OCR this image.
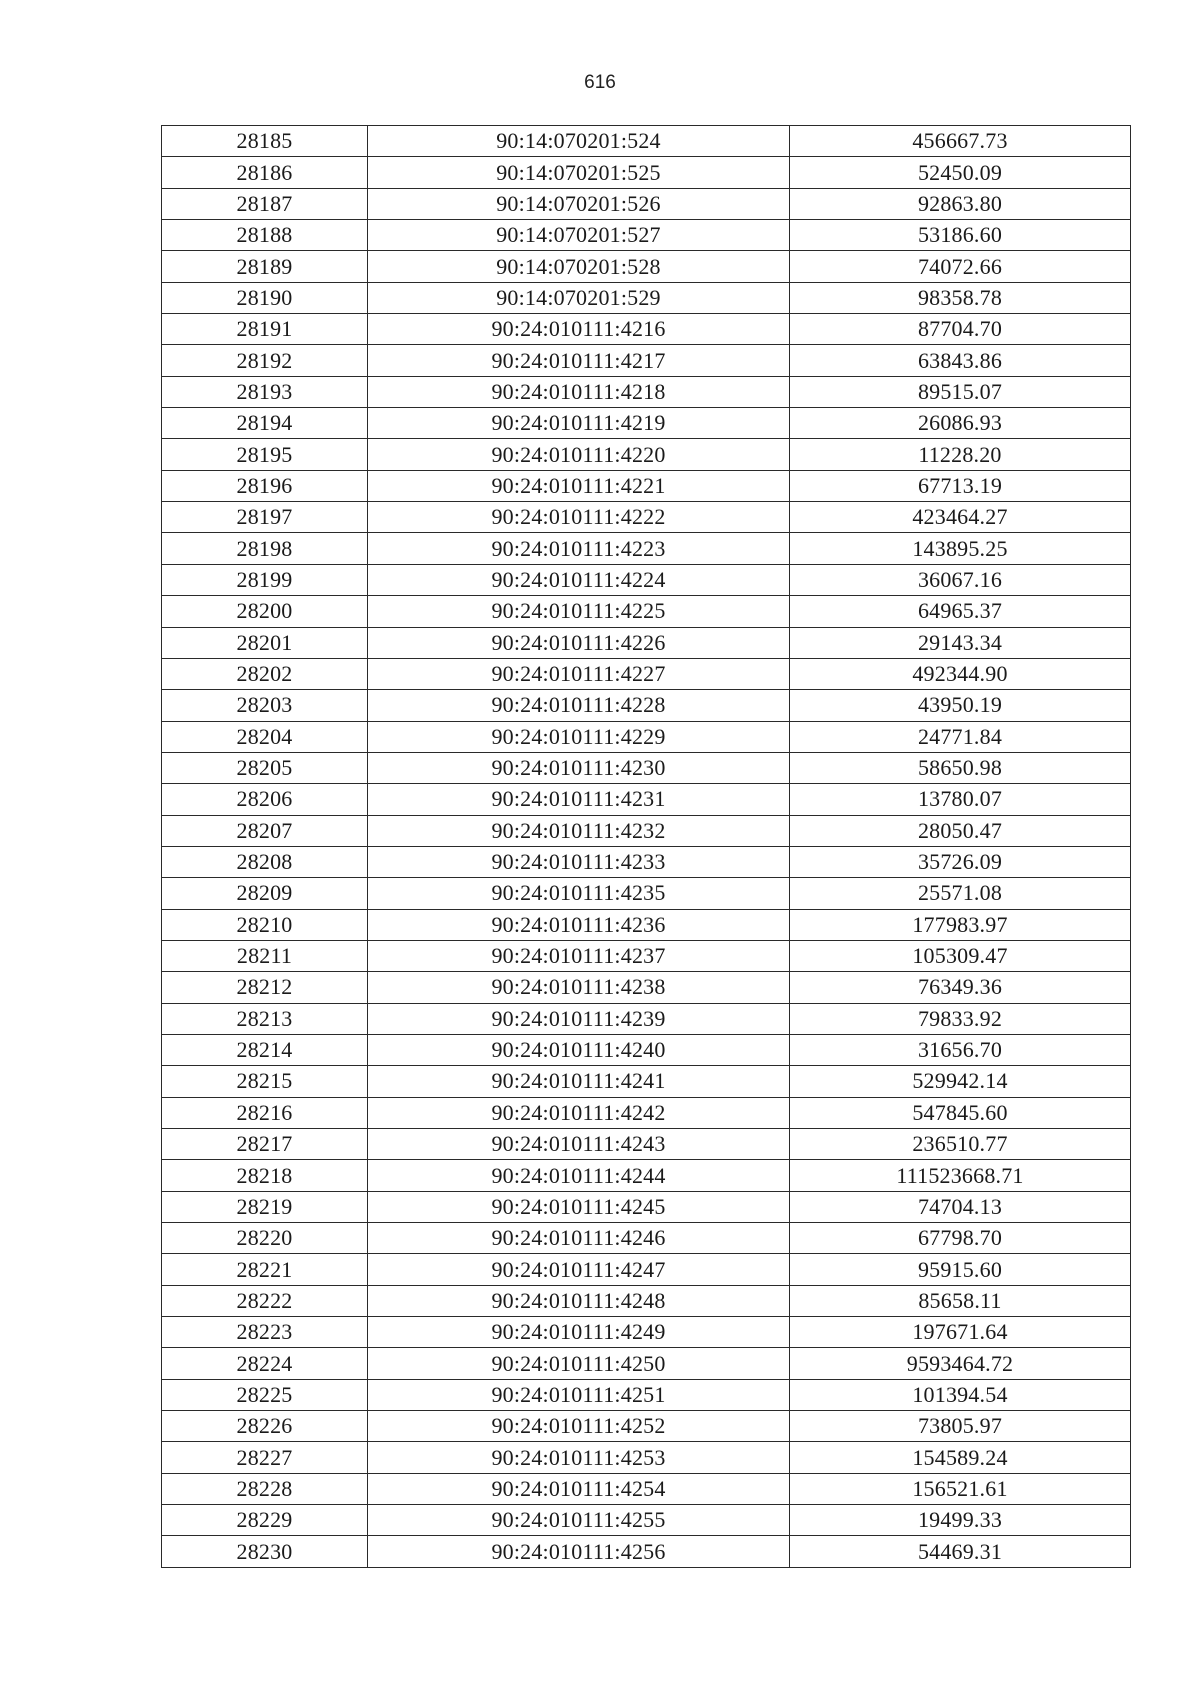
616
28185	90:14:070201:524	456667.73
28186	90:14:070201:525	52450.09
28187	90:14:070201:526	92863.80
28188	90:14:070201:527	53186.60
28189	90:14:070201:528	74072.66
28190	90:14:070201:529	98358.78
28191	90:24:010111:4216	87704.70
28192	90:24:010111:4217	63843.86
28193	90:24:010111:4218	89515.07
28194	90:24:010111:4219	26086.93
28195	90:24:010111:4220	11228.20
28196	90:24:010111:4221	67713.19
28197	90:24:010111:4222	423464.27
28198	90:24:010111:4223	143895.25
28199	90:24:010111:4224	36067.16
28200	90:24:010111:4225	64965.37
28201	90:24:010111:4226	29143.34
28202	90:24:010111:4227	492344.90
28203	90:24:010111:4228	43950.19
28204	90:24:010111:4229	24771.84
28205	90:24:010111:4230	58650.98
28206	90:24:010111:4231	13780.07
28207	90:24:010111:4232	28050.47
28208	90:24:010111:4233	35726.09
28209	90:24:010111:4235	25571.08
28210	90:24:010111:4236	177983.97
28211	90:24:010111:4237	105309.47
28212	90:24:010111:4238	76349.36
28213	90:24:010111:4239	79833.92
28214	90:24:010111:4240	31656.70
28215	90:24:010111:4241	529942.14
28216	90:24:010111:4242	547845.60
28217	90:24:010111:4243	236510.77
28218	90:24:010111:4244	111523668.71
28219	90:24:010111:4245	74704.13
28220	90:24:010111:4246	67798.70
28221	90:24:010111:4247	95915.60
28222	90:24:010111:4248	85658.11
28223	90:24:010111:4249	197671.64
28224	90:24:010111:4250	9593464.72
28225	90:24:010111:4251	101394.54
28226	90:24:010111:4252	73805.97
28227	90:24:010111:4253	154589.24
28228	90:24:010111:4254	156521.61
28229	90:24:010111:4255	19499.33
28230	90:24:010111:4256	54469.31
